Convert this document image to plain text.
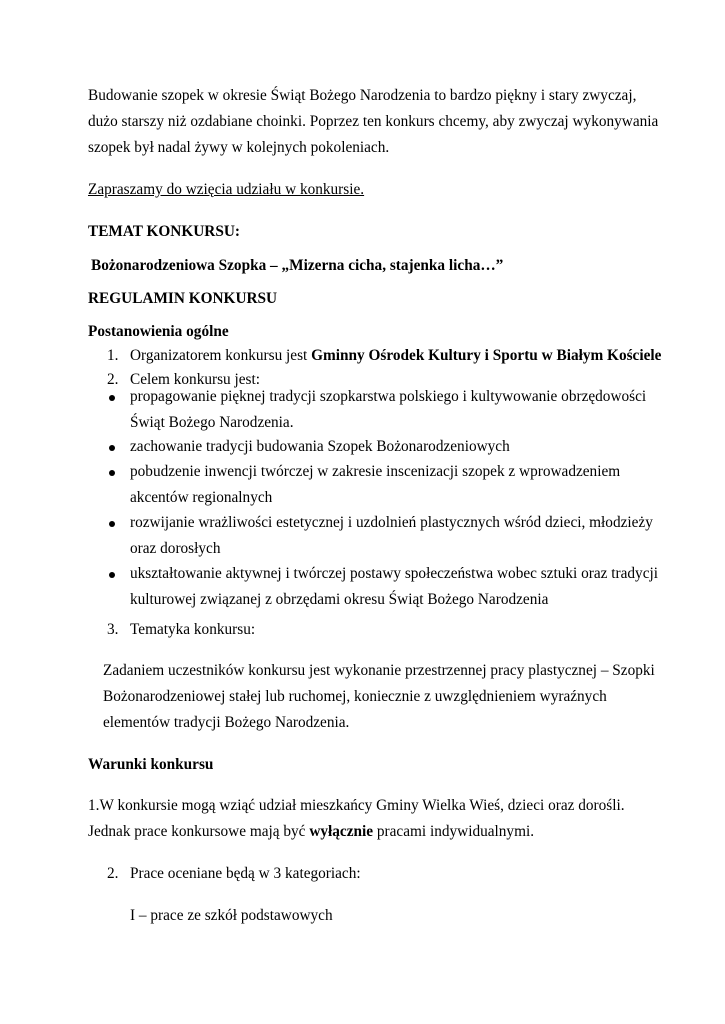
Budowanie szopek w okresie Świąt Bożego Narodzenia to bardzo piękny i stary zwyczaj,
dużo starszy niż ozdabiane choinki. Poprzez ten konkurs chcemy, aby zwyczaj wykonywania
szopek był nadal żywy w kolejnych pokoleniach.
Zapraszamy do wzięcia udziału w konkursie.
TEMAT KONKURSU:
Bożonarodzeniowa Szopka – „Mizerna cicha, stajenka licha…”
REGULAMIN KONKURSU
Postanowienia ogólne
1. Organizatorem konkursu jest Gminny Ośrodek Kultury i Sportu w Białym Kościele
2. Celem konkursu jest:
propagowanie pięknej tradycji szopkarstwa polskiego i kultywowanie obrzędowości
Świąt Bożego Narodzenia.
zachowanie tradycji budowania Szopek Bożonarodzeniowych
pobudzenie inwencji twórczej w zakresie inscenizacji szopek z wprowadzeniem
akcentów regionalnych
rozwijanie wrażliwości estetycznej i uzdolnień plastycznych wśród dzieci, młodzieży
oraz dorosłych
ukształtowanie aktywnej i twórczej postawy społeczeństwa wobec sztuki oraz tradycji
kulturowej związanej z obrzędami okresu Świąt Bożego Narodzenia
3. Tematyka konkursu:
Zadaniem uczestników konkursu jest wykonanie przestrzennej pracy plastycznej – Szopki
Bożonarodzeniowej stałej lub ruchomej, koniecznie z uwzględnieniem wyraźnych
elementów tradycji Bożego Narodzenia.
Warunki konkursu
1.W konkursie mogą wziąć udział mieszkańcy Gminy Wielka Wieś, dzieci oraz dorośli.
Jednak prace konkursowe mają być wyłącznie pracami indywidualnymi.
2. Prace oceniane będą w 3 kategoriach:
I – prace ze szkół podstawowych
